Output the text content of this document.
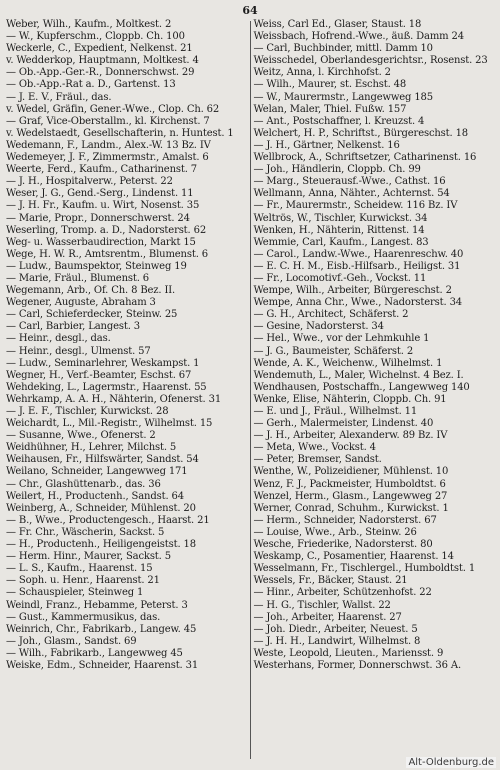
64
Weber, Wilh., Kaufm., Moltkest. 2
— W., Kupferschm., Cloppb. Ch. 100
Weckerle, C., Expedient, Nelkenst. 21
v. Wedderkop, Hauptmann, Moltkest. 4
— Ob.-App.-Ger.-R., Donnerschwst. 29
— Ob.-App.-Rat a. D., Gartenst. 13
— J. E. V., Fräul., das.
v. Wedel, Gräfin, Gener.-Wwe., Clop. Ch. 62
— Graf, Vice-Oberstallm., kl. Kirchenst. 7
v. Wedelstaedt, Gesellschafterin, n. Huntest. 1
Wedemann, F., Landm., Alex.-W. 13 Bz. IV
Wedemeyer, J. F., Zimmermstr., Amalst. 6
Weerte, Ferd., Kaufm., Catharinenst. 7
— J. H., Hospitalverw., Peterst. 22
Weser, J. G., Gend.-Serg., Lindenst. 11
— J. H. Fr., Kaufm. u. Wirt, Nosenst. 35
— Marie, Propr., Donnerschwerst. 24
Weserling, Tromp. a. D., Nadorsterst. 62
Weg- u. Wasserbaudirection, Markt 15
Wege, H. W. R., Amtsrentm., Blumenst. 6
— Ludw., Baumspektor, Steinweg 19
— Marie, Fräul., Blumenst. 6
Wegemann, Arb., Of. Ch. 8 Bez. II.
Wegener, Auguste, Abraham 3
— Carl, Schieferdecker, Steinw. 25
— Carl, Barbier, Langest. 3
— Heinr., desgl., das.
— Heinr., desgl., Ulmenst. 57
— Ludw., Seminarlehrer, Weskampst. 1
Wegner, H., Verf.-Beamter, Eschst. 67
Wehdeking, L., Lagermstr., Haarenst. 55
Wehrkamp, A. A. H., Nähterin, Ofenerst. 31
— J. E. F., Tischler, Kurwickst. 28
Weichardt, L., Mil.-Registr., Wilhelmst. 15
— Susanne, Wwe., Ofenerst. 2
Weidhühner, H., Lehrer, Milchst. 5
Weihausen, Fr., Hilfswärter, Sandst. 54
Weilano, Schneider, Langewweg 171
— Chr., Glashüttenarb., das. 36
Weilert, H., Productenh., Sandst. 64
Weinberg, A., Schneider, Mühlenst. 20
— B., Wwe., Productengesch., Haarst. 21
— Fr. Chr., Wäscherin, Sackst. 5
— H., Productenh., Heiligengeistst. 18
— Herm. Hinr., Maurer, Sackst. 5
— L. S., Kaufm., Haarenst. 15
— Soph. u. Henr., Haarenst. 21
— Schauspieler, Steinweg 1
Weindl, Franz., Hebamme, Peterst. 3
— Gust., Kammermusikus, das.
Weinrich, Chr., Fabrikarb., Langew. 45
— Joh., Glasm., Sandst. 69
— Wilh., Fabrikarb., Langewweg 45
Weiske, Edm., Schneider, Haarenst. 31
Weiss, Carl Ed., Glaser, Staust. 18
Weissbach, Hofrend.-Wwe., äuß. Damm 24
— Carl, Buchbinder, mittl. Damm 10
Weisschedel, Oberlandesgerichtsr., Rosenst. 23
Weitz, Anna, l. Kirchhofst. 2
— Wilh., Maurer, st. Eschst. 48
— W., Maurermstr., Langewweg 185
Welan, Maler, Thiel. Fußw. 157
— Ant., Postschaffner, l. Kreuzst. 4
Welchert, H. P., Schriftst., Bürgereschst. 18
— J. H., Gärtner, Nelkenst. 16
Wellbrock, A., Schriftsetzer, Catharinenst. 16
— Joh., Händlerin, Cloppb. Ch. 99
— Marg., Steuerausf.-Wwe., Cathst. 16
Wellmann, Anna, Nähter., Achternst. 54
— Fr., Maurermstr., Scheidew. 116 Bz. IV
Weltrös, W., Tischler, Kurwickst. 34
Wenken, H., Nähterin, Rittenst. 14
Wemmie, Carl, Kaufm., Langest. 83
— Carol., Landw.-Wwe., Haarenreschw. 40
— E. C. H. M., Eisb.-Hilfsarb., Heiligst. 31
— Fr., Locomotivf.-Geh., Vockst. 11
Wempe, Wilh., Arbeiter, Bürgereschst. 2
Wempe, Anna Chr., Wwe., Nadorsterst. 34
— G. H., Architect, Schäferst. 2
— Gesine, Nadorsterst. 34
— Hel., Wwe., vor der Lehmkuhle 1
— J. G., Baumeister, Schäferst. 2
Wende, A. K., Weichenw., Wilhelmst. 1
Wendemuth, L., Maler, Wichelnst. 4 Bez. I.
Wendhausen, Postschaffn., Langewweg 140
Wenke, Elise, Nähterin, Cloppb. Ch. 91
— E. und J., Fräul., Wilhelmst. 11
— Gerh., Malermeister, Lindenst. 40
— J. H., Arbeiter, Alexanderw. 89 Bz. IV
— Meta, Wwe., Vockst. 4
— Peter, Bremser, Sandst.
Wenthe, W., Polizeidiener, Mühlenst. 10
Wenz, F. J., Packmeister, Humboldtst. 6
Wenzel, Herm., Glasm., Langewweg 27
Werner, Conrad, Schuhm., Kurwickst. 1
— Herm., Schneider, Nadorsterst. 67
— Louise, Wwe., Arb., Steinw. 26
Wesche, Friederike, Nadorsterst. 80
Weskamp, C., Posamentier, Haarenst. 14
Wesselmann, Fr., Tischlergel., Humboldtst. 1
Wessels, Fr., Bäcker, Staust. 21
— Hinr., Arbeiter, Schützenhofst. 22
— H. G., Tischler, Wallst. 22
— Joh., Arbeiter, Haarenst. 27
— Joh. Diedr., Arbeiter, Neuest. 5
— J. H. H., Landwirt, Wilhelmst. 8
Weste, Leopold, Lieuten., Mariensst. 9
Westerhans, Former, Donnerschwst. 36 A.
Alt-Oldenburg.de
